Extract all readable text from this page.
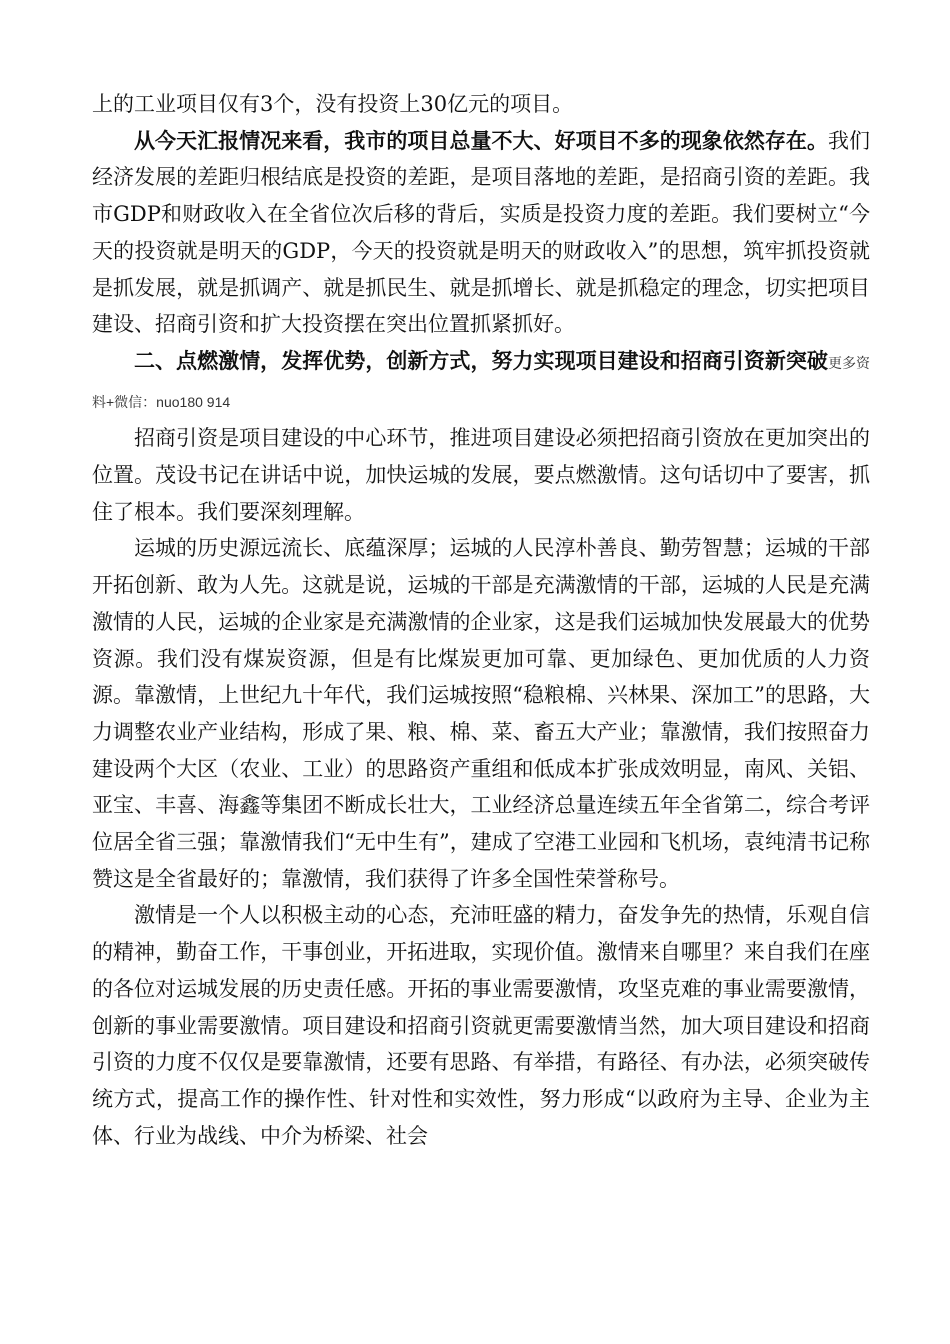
上的工业项目仅有3个，没有投资上30亿元的项目。

从今天汇报情况来看，我市的项目总量不大、好项目不多的现象依然存在。我们经济发展的差距归根结底是投资的差距，是项目落地的差距，是招商引资的差距。我市GDP和财政收入在全省位次后移的背后，实质是投资力度的差距。我们要树立“今天的投资就是明天的GDP，今天的投资就是明天的财政收入”的思想，筑牢抓投资就是抓发展，就是抓调产、就是抓民生、就是抓增长、就是抓稳定的理念，切实把项目建设、招商引资和扩大投资摆在突出位置抓紧抓好。

二、点燃激情，发挥优势，创新方式，努力实现项目建设和招商引资新突破更多资料+微信：nuo180 914

招商引资是项目建设的中心环节，推进项目建设必须把招商引资放在更加突出的位置。茂设书记在讲话中说，加快运城的发展，要点燃激情。这句话切中了要害，抓住了根本。我们要深刻理解。

运城的历史源远流长、底蕴深厚；运城的人民淳朴善良、勤劳智慧；运城的干部开拓创新、敢为人先。这就是说，运城的干部是充满激情的干部，运城的人民是充满激情的人民，运城的企业家是充满激情的企业家，这是我们运城加快发展最大的优势资源。我们没有煤炭资源，但是有比煤炭更加可靠、更加绿色、更加优质的人力资源。靠激情，上世纪九十年代，我们运城按照“稳粮棉、兴林果、深加工”的思路，大力调整农业产业结构，形成了果、粮、棉、菜、畜五大产业；靠激情，我们按照奋力建设两个大区（农业、工业）的思路资产重组和低成本扩张成效明显，南风、关铝、亚宝、丰喜、海鑫等集团不断成长壮大，工业经济总量连续五年全省第二，综合考评位居全省三强；靠激情我们“无中生有”，建成了空港工业园和飞机场，袁纯清书记称赞这是全省最好的；靠激情，我们获得了许多全国性荣誉称号。

激情是一个人以积极主动的心态，充沛旺盛的精力，奋发争先的热情，乐观自信的精神，勤奋工作，干事创业，开拓进取，实现价值。激情来自哪里？来自我们在座的各位对运城发展的历史责任感。开拓的事业需要激情，攻坚克难的事业需要激情，创新的事业需要激情。项目建设和招商引资就更需要激情当然，加大项目建设和招商引资的力度不仅仅是要靠激情，还要有思路、有举措，有路径、有办法，必须突破传统方式，提高工作的操作性、针对性和实效性，努力形成“以政府为主导、企业为主体、行业为战线、中介为桥梁、社会
